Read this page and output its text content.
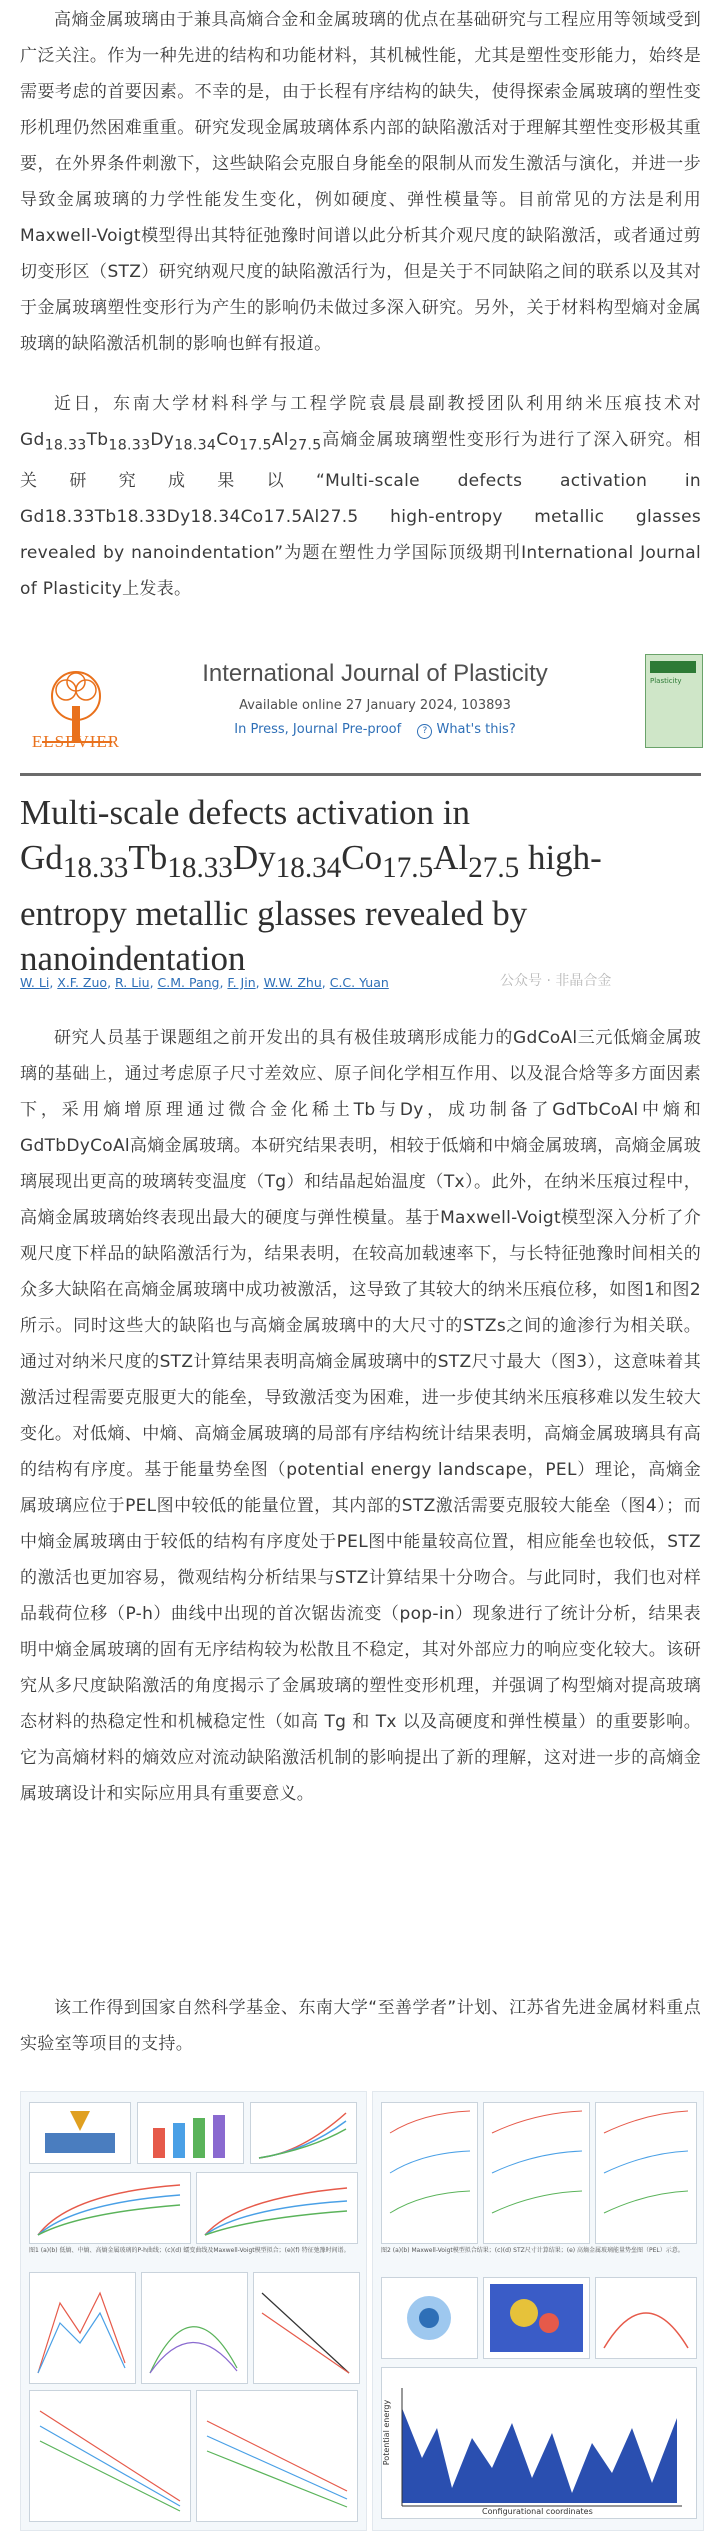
高熵金属玻璃由于兼具高熵合金和金属玻璃的优点在基础研究与工程应用等领域受到广泛关注。作为一种先进的结构和功能材料，其机械性能，尤其是塑性变形能力，始终是需要考虑的首要因素。不幸的是，由于长程有序结构的缺失，使得探索金属玻璃的塑性变形机理仍然困难重重。研究发现金属玻璃体系内部的缺陷激活对于理解其塑性变形极其重要，在外界条件刺激下，这些缺陷会克服自身能垒的限制从而发生激活与演化，并进一步导致金属玻璃的力学性能发生变化，例如硬度、弹性模量等。目前常见的方法是利用Maxwell-Voigt模型得出其特征弛豫时间谱以此分析其介观尺度的缺陷激活，或者通过剪切变形区（STZ）研究纳观尺度的缺陷激活行为，但是关于不同缺陷之间的联系以及其对于金属玻璃塑性变形行为产生的影响仍未做过多深入研究。另外，关于材料构型熵对金属玻璃的缺陷激活机制的影响也鲜有报道。

近日，东南大学材料科学与工程学院袁晨晨副教授团队利用纳米压痕技术对$Gd_{18.33}Tb_{18.33}Dy_{18.34}Co_{17.5}Al_{27.5}$高熵金属玻璃塑性变形行为进行了深入研究。相关研究成果以“Multi-scale defects activation in Gd18.33Tb18.33Dy18.34Co17.5Al27.5 high-entropy metallic glasses revealed by nanoindentation”为题在塑性力学国际顶级期刊International Journal of Plasticity上发表。

ELSEVIER
International Journal of Plasticity
Available online 27 January 2024, 103893
In Press, Journal Pre-proof ? What's this?
Plasticity
Multi-scale defects activation in
$Gd_{18.33}Tb_{18.33}Dy_{18.34}Co_{17.5}Al_{27.5}$ high-
entropy metallic glasses revealed by
nanoindentation
W. Li, X.F. Zuo, R. Liu, C.M. Pang, F. Jin, W.W. Zhu, C.C. Yuan	公众号 · 非晶合金

研究人员基于课题组之前开发出的具有极佳玻璃形成能力的GdCoAl三元低熵金属玻璃的基础上，通过考虑原子尺寸差效应、原子间化学相互作用、以及混合焓等多方面因素下，采用熵增原理通过微合金化稀土Tb与Dy，成功制备了GdTbCoAl中熵和GdTbDyCoAl高熵金属玻璃。本研究结果表明，相较于低熵和中熵金属玻璃，高熵金属玻璃展现出更高的玻璃转变温度（Tg）和结晶起始温度（Tx）。此外，在纳米压痕过程中，高熵金属玻璃始终表现出最大的硬度与弹性模量。基于Maxwell-Voigt模型深入分析了介观尺度下样品的缺陷激活行为，结果表明，在较高加载速率下，与长特征弛豫时间相关的众多大缺陷在高熵金属玻璃中成功被激活，这导致了其较大的纳米压痕位移，如图1和图2所示。同时这些大的缺陷也与高熵金属玻璃中的大尺寸的STZs之间的逾渗行为相关联。通过对纳米尺度的STZ计算结果表明高熵金属玻璃中的STZ尺寸最大（图3），这意味着其激活过程需要克服更大的能垒，导致激活变为困难，进一步使其纳米压痕移难以发生较大变化。对低熵、中熵、高熵金属玻璃的局部有序结构统计结果表明，高熵金属玻璃具有高的结构有序度。基于能量势垒图（potential energy landscape，PEL）理论，高熵金属玻璃应位于PEL图中较低的能量位置，其内部的STZ激活需要克服较大能垒（图4）；而中熵金属玻璃由于较低的结构有序度处于PEL图中能量较高位置，相应能垒也较低，STZ的激活也更加容易，微观结构分析结果与STZ计算结果十分吻合。与此同时，我们也对样品载荷位移（P-h）曲线中出现的首次锯齿流变（pop-in）现象进行了统计分析，结果表明中熵金属玻璃的固有无序结构较为松散且不稳定，其对外部应力的响应变化较大。该研究从多尺度缺陷激活的角度揭示了金属玻璃的塑性变形机理，并强调了构型熵对提高玻璃态材料的热稳定性和机械稳定性（如高 Tg 和 Tx 以及高硬度和弹性模量）的重要影响。它为高熵材料的熵效应对流动缺陷激活机制的影响提出了新的理解，这对进一步的高熵金属玻璃设计和实际应用具有重要意义。

该工作得到国家自然科学基金、东南大学“至善学者”计划、江苏省先进金属材料重点实验室等项目的支持。

图1 (a)(b) 低熵、中熵、高熵金属玻璃的P-h曲线；(c)(d) 蠕变曲线及Maxwell-Voigt模型拟合；(e)(f) 特征弛豫时间谱。	图2 (a)(b) Maxwell-Voigt模型拟合结果；(c)(d) STZ尺寸计算结果；(e) 高熵金属玻璃能量势垒图（PEL）示意。
Configurational coordinates
Potential energy
